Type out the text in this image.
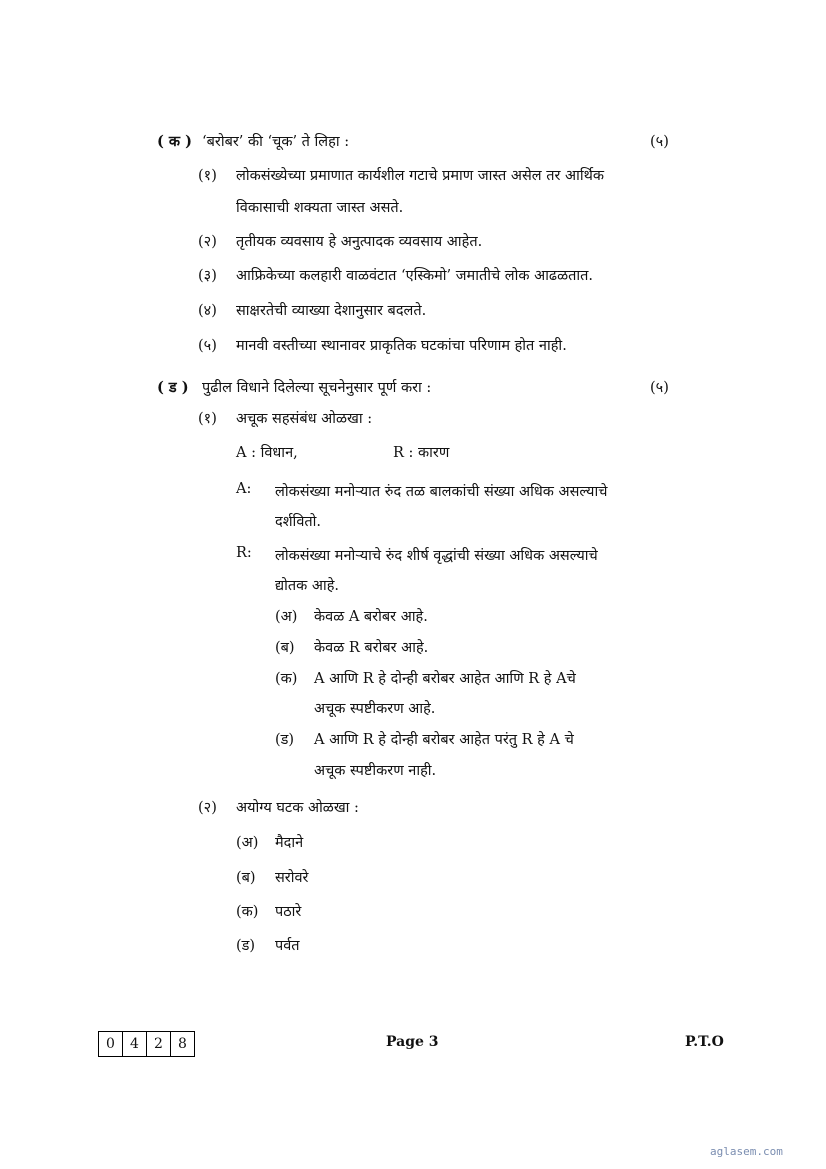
( क ) ‘बरोबर’ की ‘चूक’ ते लिहा :	(५)
(१) लोकसंख्येच्या प्रमाणात कार्यशील गटाचे प्रमाण जास्त असेल तर आर्थिक
विकासाची शक्यता जास्त असते.
(२) तृतीयक व्यवसाय हे अनुत्पादक व्यवसाय आहेत.
(३) आफ्रिकेच्या कलहारी वाळवंटात ‘एस्किमो’ जमातीचे लोक आढळतात.
(४) साक्षरतेची व्याख्या देशानुसार बदलते.
(५) मानवी वस्तीच्या स्थानावर प्राकृतिक घटकांचा परिणाम होत नाही.
( ड ) पुढील विधाने दिलेल्या सूचनेनुसार पूर्ण करा :	(५)
(१) अचूक सहसंबंध ओळखा :
A : विधान,	R : कारण
A: लोकसंख्या मनोऱ्यात रुंद तळ बालकांची संख्या अधिक असल्याचे
दर्शवितो.
R: लोकसंख्या मनोऱ्याचे रुंद शीर्ष वृद्धांची संख्या अधिक असल्याचे
द्योतक आहे.
(अ) केवळ A बरोबर आहे.
(ब) केवळ R बरोबर आहे.
(क) A आणि R हे दोन्ही बरोबर आहेत आणि R हे Aचे
अचूक स्पष्टीकरण आहे.
(ड) A आणि R हे दोन्ही बरोबर आहेत परंतु R हे A चे
अचूक स्पष्टीकरण नाही.
(२) अयोग्य घटक ओळखा :
(अ) मैदाने
(ब) सरोवरे
(क) पठारे
(ड) पर्वत
0	4	2	8	Page 3	P.T.O
aglasem.com
